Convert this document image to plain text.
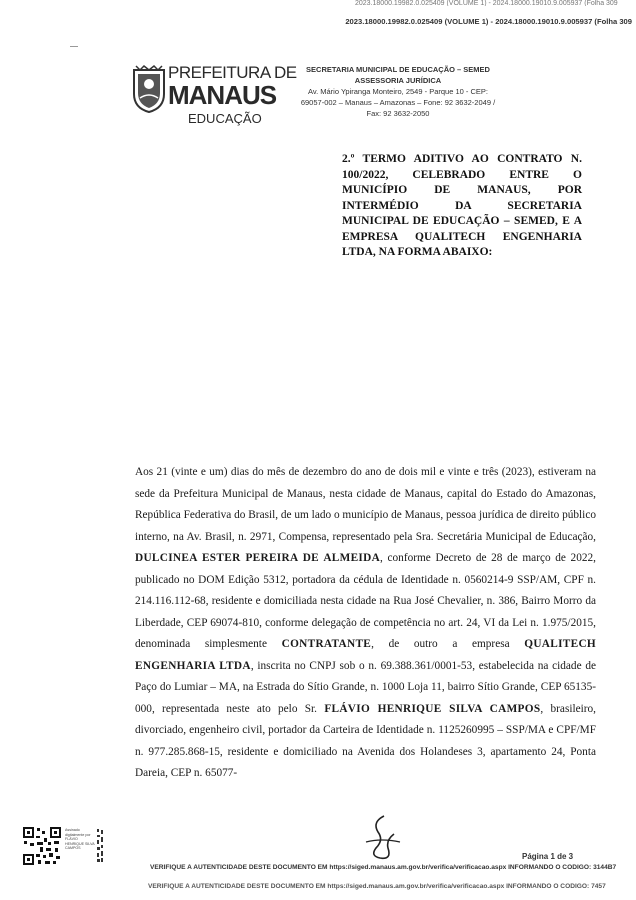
2023.18000.19982.0.025409 (VOLUME 1) - 2024.18000.19010.9.005937 (Folha 309
2023.18000.19982.0.025409 (VOLUME 1) - 2024.18000.19010.9.005937 (Folha 309
PREFEITURA DE
MANAUS
EDUCAÇÃO
SECRETARIA MUNICIPAL DE EDUCAÇÃO – SEMED
ASSESSORIA JURÍDICA
Av. Mário Ypiranga Monteiro, 2549 - Parque 10 - CEP:
69057-002 – Manaus – Amazonas – Fone: 92 3632-2049 /
Fax: 92 3632-2050
2.º TERMO ADITIVO AO CONTRATO N. 100/2022, CELEBRADO ENTRE O MUNICÍPIO DE MANAUS, POR INTERMÉDIO DA SECRETARIA MUNICIPAL DE EDUCAÇÃO – SEMED, E A EMPRESA QUALITECH ENGENHARIA LTDA, NA FORMA ABAIXO:
Aos 21 (vinte e um) dias do mês de dezembro do ano de dois mil e vinte e três (2023), estiveram na sede da Prefeitura Municipal de Manaus, nesta cidade de Manaus, capital do Estado do Amazonas, República Federativa do Brasil, de um lado o município de Manaus, pessoa jurídica de direito público interno, na Av. Brasil, n. 2971, Compensa, representado pela Sra. Secretária Municipal de Educação, DULCINEA ESTER PEREIRA DE ALMEIDA, conforme Decreto de 28 de março de 2022, publicado no DOM Edição 5312, portadora da cédula de Identidade n. 0560214-9 SSP/AM, CPF n. 214.116.112-68, residente e domiciliada nesta cidade na Rua José Chevalier, n. 386, Bairro Morro da Liberdade, CEP 69074-810, conforme delegação de competência no art. 24, VI da Lei n. 1.975/2015, denominada simplesmente CONTRATANTE, de outro a empresa QUALITECH ENGENHARIA LTDA, inscrita no CNPJ sob o n. 69.388.361/0001-53, estabelecida na cidade de Paço do Lumiar – MA, na Estrada do Sítio Grande, n. 1000 Loja 11, bairro Sítio Grande, CEP 65135-000, representada neste ato pelo Sr. FLÁVIO HENRIQUE SILVA CAMPOS, brasileiro, divorciado, engenheiro civil, portador da Carteira de Identidade n. 1125260995 – SSP/MA e CPF/MF n. 977.285.868-15, residente e domiciliado na Avenida dos Holandeses 3, apartamento 24, Ponta Dareia, CEP n. 65077-
Assinado digitalmente por FLÁVIO HENRIQUE SILVA CAMPOS
Página 1 de 3
VERIFIQUE A AUTENTICIDADE DESTE DOCUMENTO EM https://siged.manaus.am.gov.br/verifica/verificacao.aspx INFORMANDO O CÓDIGO: 3144B7
VERIFIQUE A AUTENTICIDADE DESTE DOCUMENTO EM https://siged.manaus.am.gov.br/verifica/verificacao.aspx INFORMANDO O CÓDIGO: 7457
